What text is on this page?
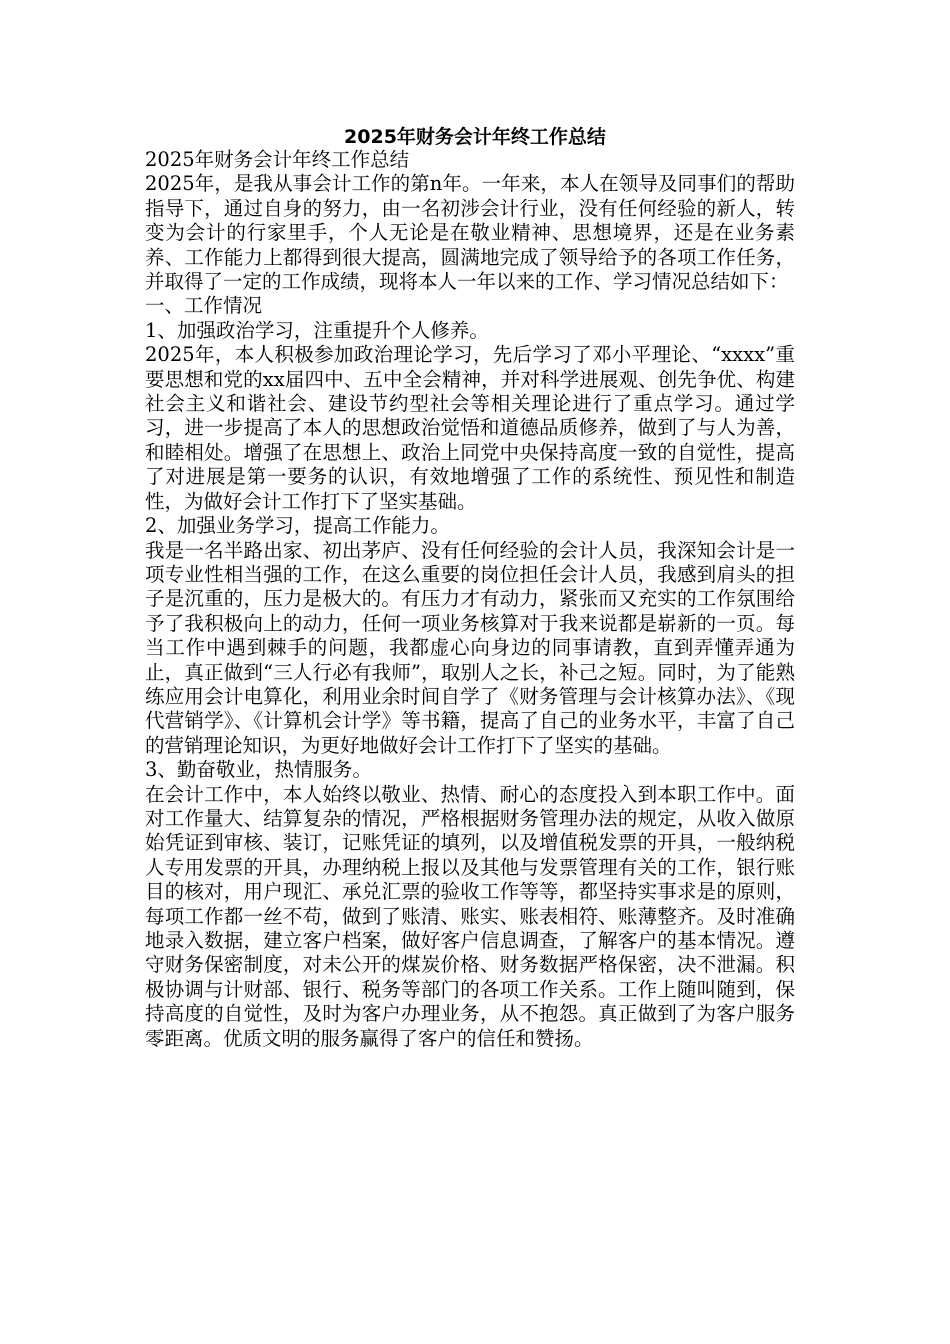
2025年财务会计年终工作总结

2025年财务会计年终工作总结

2025年，是我从事会计工作的第n年。一年来，本人在领导及同事们的帮助指导下，通过自身的努力，由一名初涉会计行业，没有任何经验的新人，转变为会计的行家里手，个人无论是在敬业精神、思想境界，还是在业务素养、工作能力上都得到很大提高，圆满地完成了领导给予的各项工作任务，并取得了一定的工作成绩，现将本人一年以来的工作、学习情况总结如下：

一、工作情况

1、加强政治学习，注重提升个人修养。

2025年，本人积极参加政治理论学习，先后学习了邓小平理论、“xxxx”重要思想和党的xx届四中、五中全会精神，并对科学进展观、创先争优、构建社会主义和谐社会、建设节约型社会等相关理论进行了重点学习。通过学习，进一步提高了本人的思想政治觉悟和道德品质修养，做到了与人为善，和睦相处。增强了在思想上、政治上同党中央保持高度一致的自觉性，提高了对进展是第一要务的认识，有效地增强了工作的系统性、预见性和制造性，为做好会计工作打下了坚实基础。

2、加强业务学习，提高工作能力。

我是一名半路出家、初出茅庐、没有任何经验的会计人员，我深知会计是一项专业性相当强的工作，在这么重要的岗位担任会计人员，我感到肩头的担子是沉重的，压力是极大的。有压力才有动力，紧张而又充实的工作氛围给予了我积极向上的动力，任何一项业务核算对于我来说都是崭新的一页。每当工作中遇到棘手的问题，我都虚心向身边的同事请教，直到弄懂弄通为止，真正做到“三人行必有我师”，取别人之长，补己之短。同时，为了能熟练应用会计电算化，利用业余时间自学了《财务管理与会计核算办法》、《现代营销学》、《计算机会计学》等书籍，提高了自己的业务水平，丰富了自己的营销理论知识，为更好地做好会计工作打下了坚实的基础。

3、勤奋敬业，热情服务。

在会计工作中，本人始终以敬业、热情、耐心的态度投入到本职工作中。面对工作量大、结算复杂的情况，严格根据财务管理办法的规定，从收入做原始凭证到审核、装订，记账凭证的填列，以及增值税发票的开具，一般纳税人专用发票的开具，办理纳税上报以及其他与发票管理有关的工作，银行账目的核对，用户现汇、承兑汇票的验收工作等等，都坚持实事求是的原则，每项工作都一丝不苟，做到了账清、账实、账表相符、账薄整齐。及时准确地录入数据，建立客户档案，做好客户信息调查，了解客户的基本情况。遵守财务保密制度，对未公开的煤炭价格、财务数据严格保密，决不泄漏。积极协调与计财部、银行、税务等部门的各项工作关系。工作上随叫随到，保持高度的自觉性，及时为客户办理业务，从不抱怨。真正做到了为客户服务零距离。优质文明的服务赢得了客户的信任和赞扬。
